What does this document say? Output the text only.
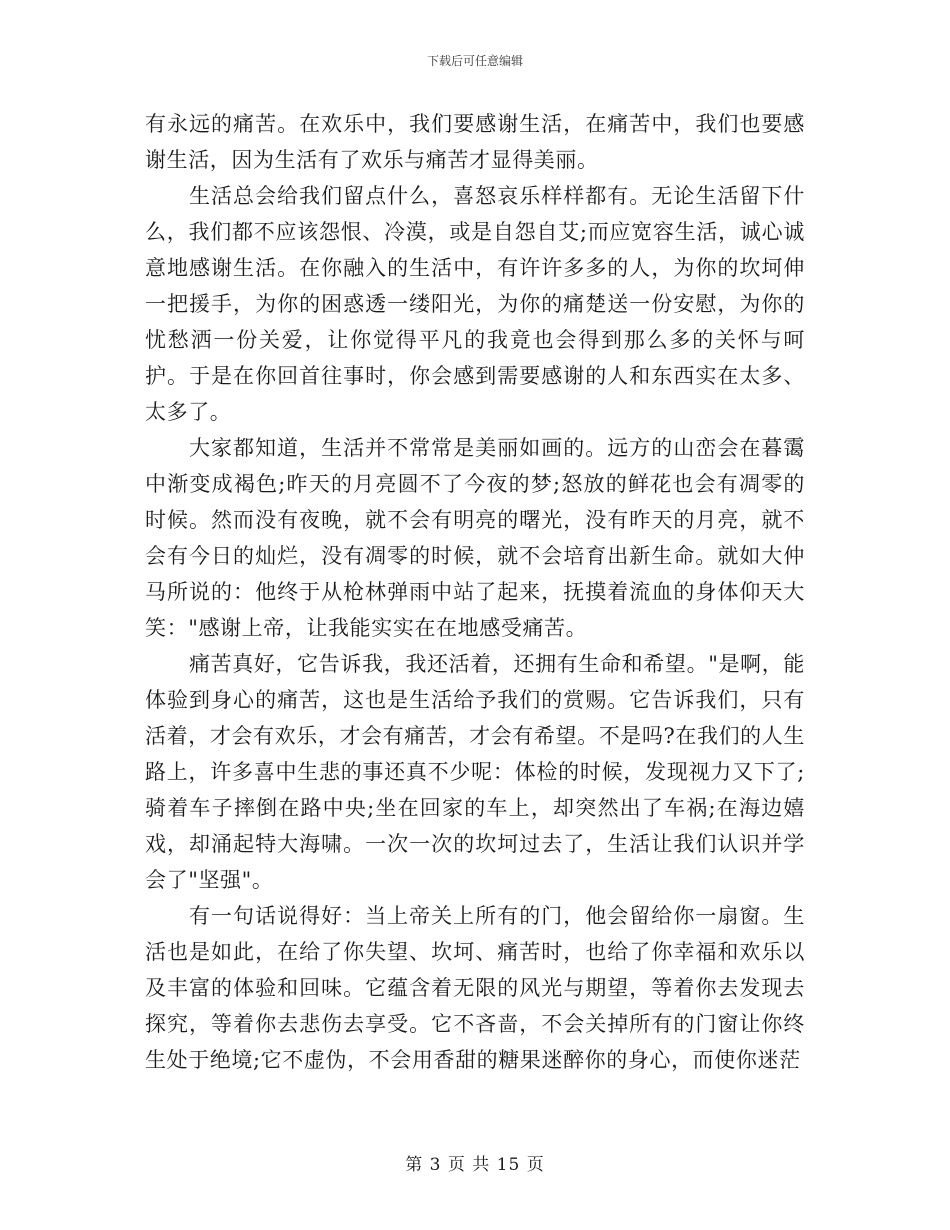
下载后可任意编辑

有永远的痛苦。在欢乐中，我们要感谢生活，在痛苦中，我们也要感谢生活，因为生活有了欢乐与痛苦才显得美丽。

生活总会给我们留点什么，喜怒哀乐样样都有。无论生活留下什么，我们都不应该怨恨、冷漠，或是自怨自艾;而应宽容生活，诚心诚意地感谢生活。在你融入的生活中，有许许多多的人，为你的坎坷伸一把援手，为你的困惑透一缕阳光，为你的痛楚送一份安慰，为你的忧愁洒一份关爱，让你觉得平凡的我竟也会得到那么多的关怀与呵护。于是在你回首往事时，你会感到需要感谢的人和东西实在太多、太多了。

大家都知道，生活并不常常是美丽如画的。远方的山峦会在暮霭中渐变成褐色;昨天的月亮圆不了今夜的梦;怒放的鲜花也会有凋零的时候。然而没有夜晚，就不会有明亮的曙光，没有昨天的月亮，就不会有今日的灿烂，没有凋零的时候，就不会培育出新生命。就如大仲马所说的：他终于从枪林弹雨中站了起来，抚摸着流血的身体仰天大笑："感谢上帝，让我能实实在在地感受痛苦。

痛苦真好，它告诉我，我还活着，还拥有生命和希望。"是啊，能体验到身心的痛苦，这也是生活给予我们的赏赐。它告诉我们，只有活着，才会有欢乐，才会有痛苦，才会有希望。不是吗?在我们的人生路上，许多喜中生悲的事还真不少呢：体检的时候，发现视力又下了;骑着车子摔倒在路中央;坐在回家的车上，却突然出了车祸;在海边嬉戏，却涌起特大海啸。一次一次的坎坷过去了，生活让我们认识并学会了"坚强"。

有一句话说得好：当上帝关上所有的门，他会留给你一扇窗。生活也是如此，在给了你失望、坎坷、痛苦时，也给了你幸福和欢乐以及丰富的体验和回味。它蕴含着无限的风光与期望，等着你去发现去探究，等着你去悲伤去享受。它不吝啬，不会关掉所有的门窗让你终生处于绝境;它不虚伪，不会用香甜的糖果迷醉你的身心，而使你迷茫

第 3 页 共 15 页
